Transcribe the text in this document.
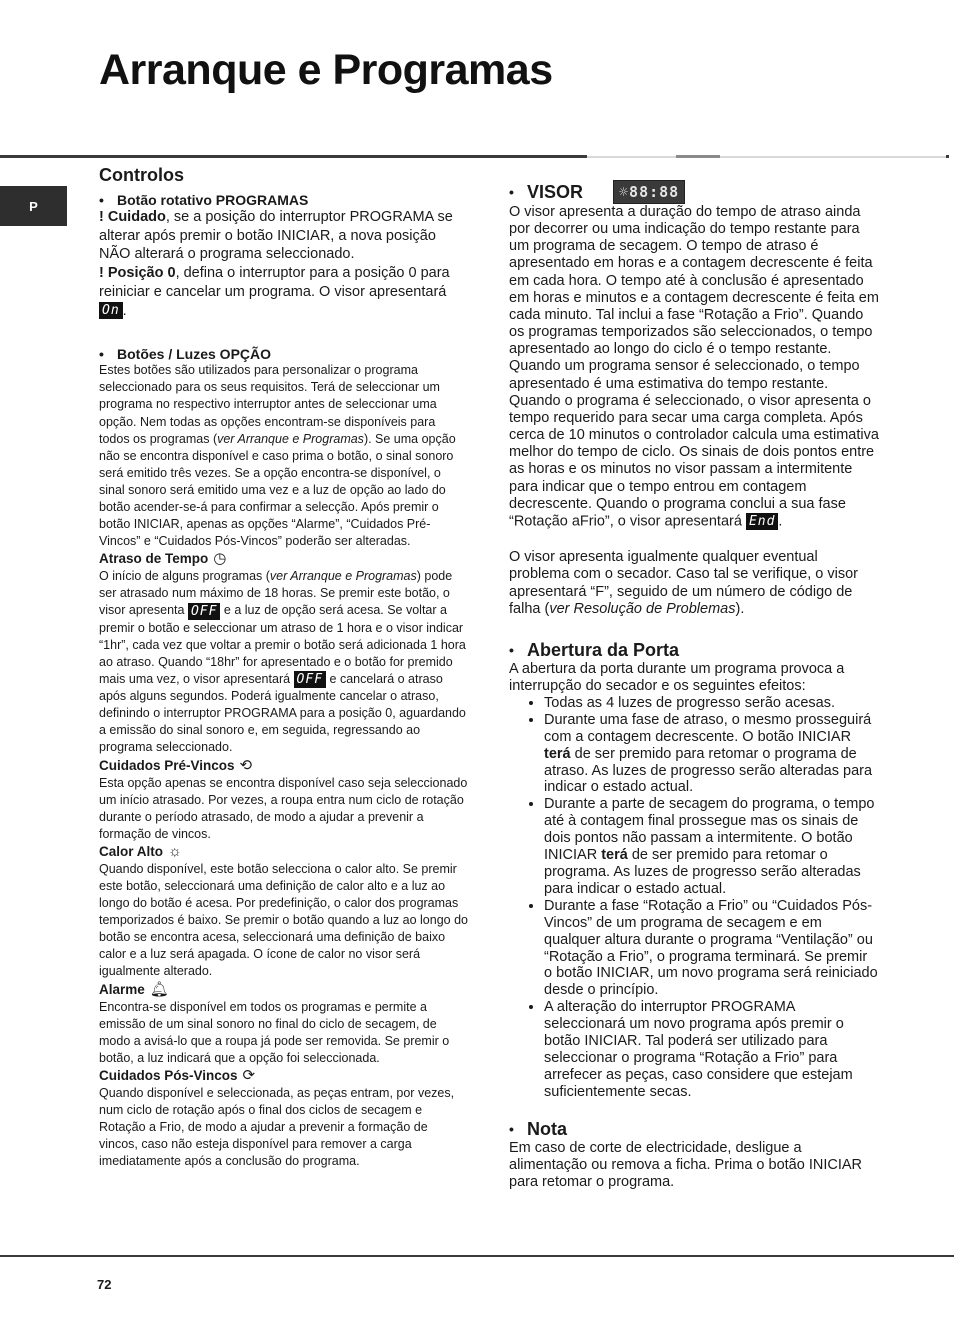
Arranque e Programas
P

Controlos

• Botão rotativo PROGRAMAS

! Cuidado, se a posição do interruptor PROGRAMA se alterar após premir o botão INICIAR, a nova posição NÃO alterará o programa seleccionado.

! Posição 0, defina o interruptor para a posição 0 para reiniciar e cancelar um programa. O visor apresentará On .

• Botões / Luzes OPÇÃO

Estes botões são utilizados para personalizar o programa seleccionado para os seus requisitos. Terá de seleccionar um programa no respectivo interruptor antes de seleccionar uma opção. Nem todas as opções encontram-se disponíveis para todos os programas (ver Arranque e Programas). Se uma opção não se encontra disponível e caso prima o botão, o sinal sonoro será emitido três vezes. Se a opção encontra-se disponível, o sinal sonoro será emitido uma vez e a luz de opção ao lado do botão acender-se-á para confirmar a selecção. Após premir o botão INICIAR, apenas as opções “Alarme”, “Cuidados Pré-Vincos” e “Cuidados Pós-Vincos” poderão ser alteradas.

Atraso de Tempo ◷

O início de alguns programas (ver Arranque e Programas) pode ser atrasado num máximo de 18 horas. Se premir este botão, o visor apresenta OFF e a luz de opção será acesa. Se voltar a premir o botão e seleccionar um atraso de 1 hora e o visor indicar “1hr”, cada vez que voltar a premir o botão será adicionada 1 hora ao atraso. Quando “18hr” for apresentado e o botão for premido mais uma vez, o visor apresentará OFF e cancelará o atraso após alguns segundos. Poderá igualmente cancelar o atraso, definindo o interruptor PROGRAMA para a posição 0, aguardando a emissão do sinal sonoro e, em seguida, regressando ao programa seleccionado.

Cuidados Pré-Vincos ⟲

Esta opção apenas se encontra disponível caso seja seleccionado um início atrasado. Por vezes, a roupa entra num ciclo de rotação durante o período atrasado, de modo a ajudar a prevenir a formação de vincos.

Calor Alto ☼

Quando disponível, este botão selecciona o calor alto. Se premir este botão, seleccionará uma definição de calor alto e a luz ao longo do botão é acesa. Por predefinição, o calor dos programas temporizados é baixo. Se premir o botão quando a luz ao longo do botão se encontra acesa, seleccionará uma definição de baixo calor e a luz será apagada. O ícone de calor no visor será igualmente alterado.

Alarme 🔔︎

Encontra-se disponível em todos os programas e permite a emissão de um sinal sonoro no final do ciclo de secagem, de modo a avisá-lo que a roupa já pode ser removida. Se premir o botão, a luz indicará que a opção foi seleccionada.

Cuidados Pós-Vincos ⟳

Quando disponível e seleccionada, as peças entram, por vezes, num ciclo de rotação após o final dos ciclos de secagem e Rotação a Frio, de modo a ajudar a prevenir a formação de vincos, caso não esteja disponível para remover a carga imediatamente após a conclusão do programa.

• VISOR	☼88:88

O visor apresenta a duração do tempo de atraso ainda por decorrer ou uma indicação do tempo restante para um programa de secagem. O tempo de atraso é apresentado em horas e a contagem decrescente é feita em cada hora. O tempo até à conclusão é apresentado em horas e minutos e a contagem decrescente é feita em cada minuto. Tal inclui a fase “Rotação a Frio”. Quando os programas temporizados são seleccionados, o tempo apresentado ao longo do ciclo é o tempo restante. Quando um programa sensor é seleccionado, o tempo apresentado é uma estimativa do tempo restante. Quando o programa é seleccionado, o visor apresenta o tempo requerido para secar uma carga completa. Após cerca de 10 minutos o controlador calcula uma estimativa melhor do tempo de ciclo. Os sinais de dois pontos entre as horas e os minutos no visor passam a intermitente para indicar que o tempo entrou em contagem decrescente. Quando o programa conclui a sua fase “Rotação aFrio”, o visor apresentará End .

O visor apresenta igualmente qualquer eventual problema com o secador. Caso tal se verifique, o visor apresentará “F”, seguido de um número de código de falha (ver Resolução de Problemas).

• Abertura da Porta

A abertura da porta durante um programa provoca a interrupção do secador e os seguintes efeitos:

• Todas as 4 luzes de progresso serão acesas.
• Durante uma fase de atraso, o mesmo prosseguirá com a contagem decrescente. O botão INICIAR terá de ser premido para retomar o programa de atraso. As luzes de progresso serão alteradas para indicar o estado actual.
• Durante a parte de secagem do programa, o tempo até à contagem final prossegue mas os sinais de dois pontos não passam a intermitente. O botão INICIAR terá de ser premido para retomar o programa. As luzes de progresso serão alteradas para indicar o estado actual.
• Durante a fase “Rotação a Frio” ou “Cuidados Pós-Vincos” de um programa de secagem e em qualquer altura durante o programa “Ventilação” ou “Rotação a Frio”, o programa terminará. Se premir o botão INICIAR, um novo programa será reiniciado desde o princípio.
• A alteração do interruptor PROGRAMA seleccionará um novo programa após premir o botão INICIAR. Tal poderá ser utilizado para seleccionar o programa “Rotação a Frio” para arrefecer as peças, caso considere que estejam suficientemente secas.

• Nota

Em caso de corte de electricidade, desligue a alimentação ou remova a ficha. Prima o botão INICIAR para retomar o programa.

72
